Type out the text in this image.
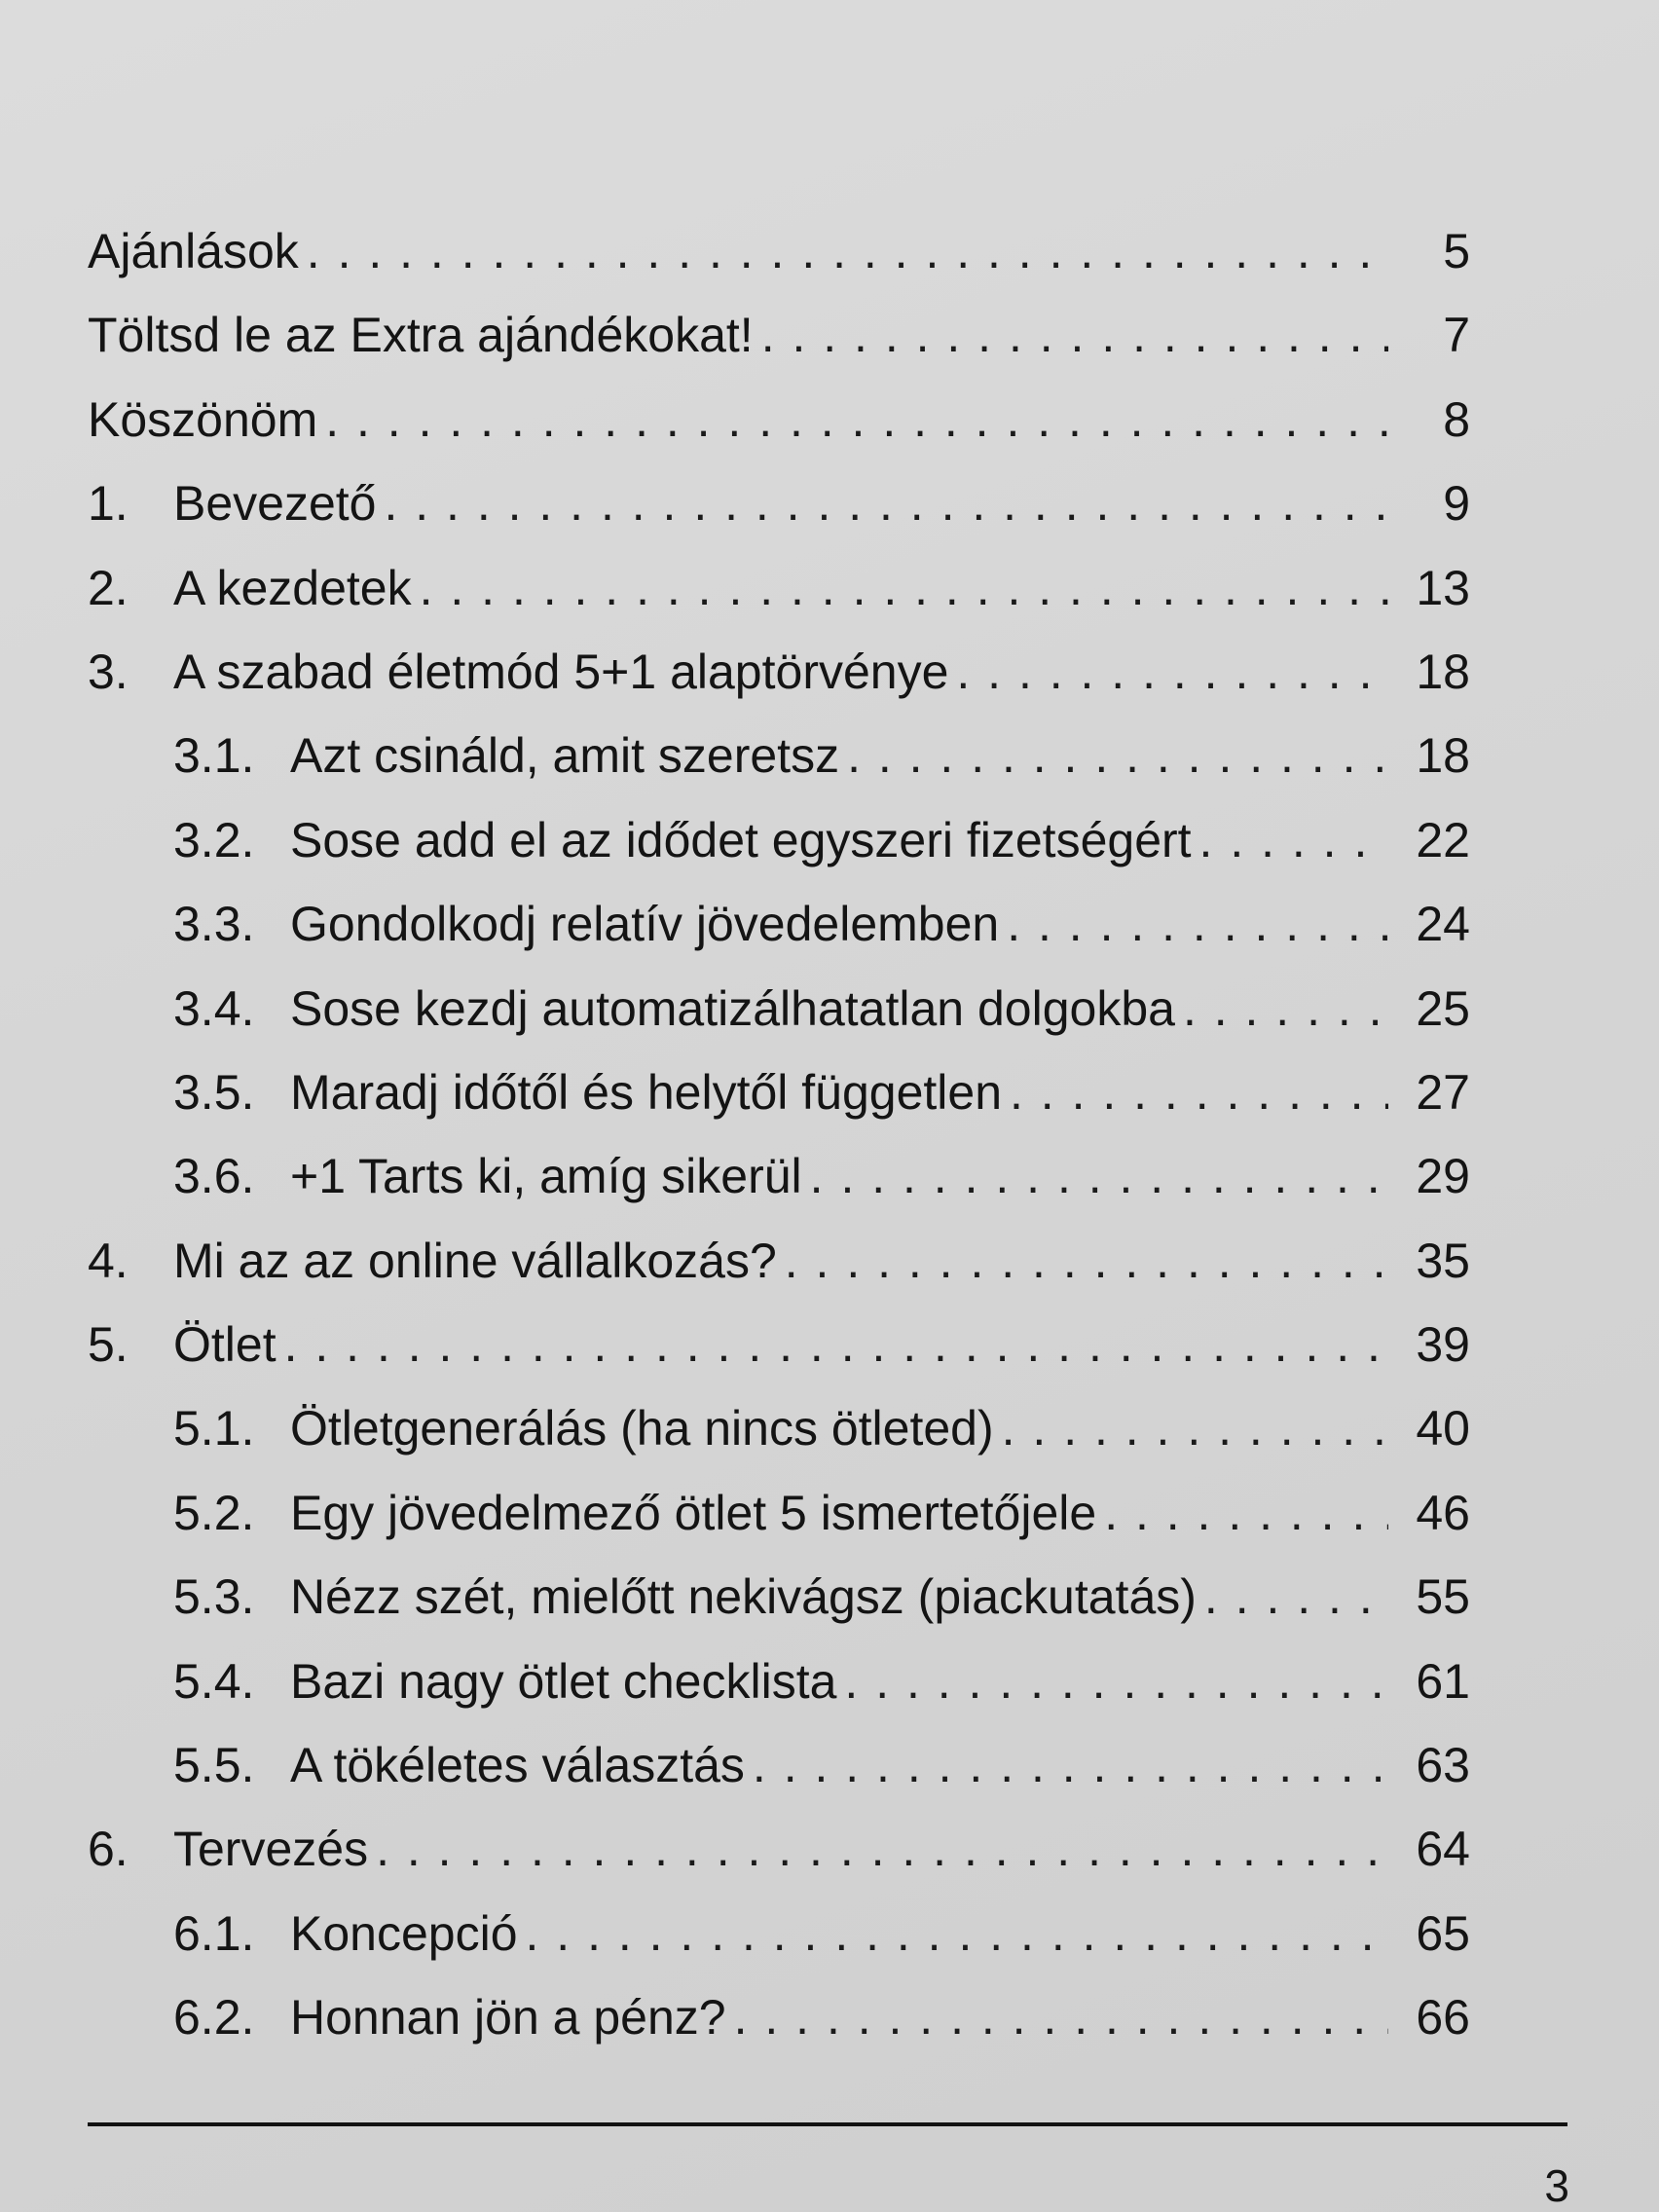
Ajánlások . . .	5
Töltsd le az Extra ajándékokat! . . .	7
Köszönöm . . .	8
1. Bevezető . . .	9
2. A kezdetek . . .	13
3. A szabad életmód 5+1 alaptörvénye . . .	18
3.1. Azt csináld, amit szeretsz . . .	18
3.2. Sose add el az idődet egyszeri fizetségért . . .	22
3.3. Gondolkodj relatív jövedelemben . . .	24
3.4. Sose kezdj automatizálhatatlan dolgokba . . .	25
3.5. Maradj időtől és helytől független . . .	27
3.6. +1 Tarts ki, amíg sikerül . . .	29
4. Mi az az online vállalkozás? . . .	35
5. Ötlet . . .	39
5.1. Ötletgenerálás (ha nincs ötleted) . . .	40
5.2. Egy jövedelmező ötlet 5 ismertetőjele . . .	46
5.3. Nézz szét, mielőtt nekivágsz (piackutatás) . . .	55
5.4. Bazi nagy ötlet checklista . . .	61
5.5. A tökéletes választás . . .	63
6. Tervezés . . .	64
6.1. Koncepció . . .	65
6.2. Honnan jön a pénz? . . .	66
3
